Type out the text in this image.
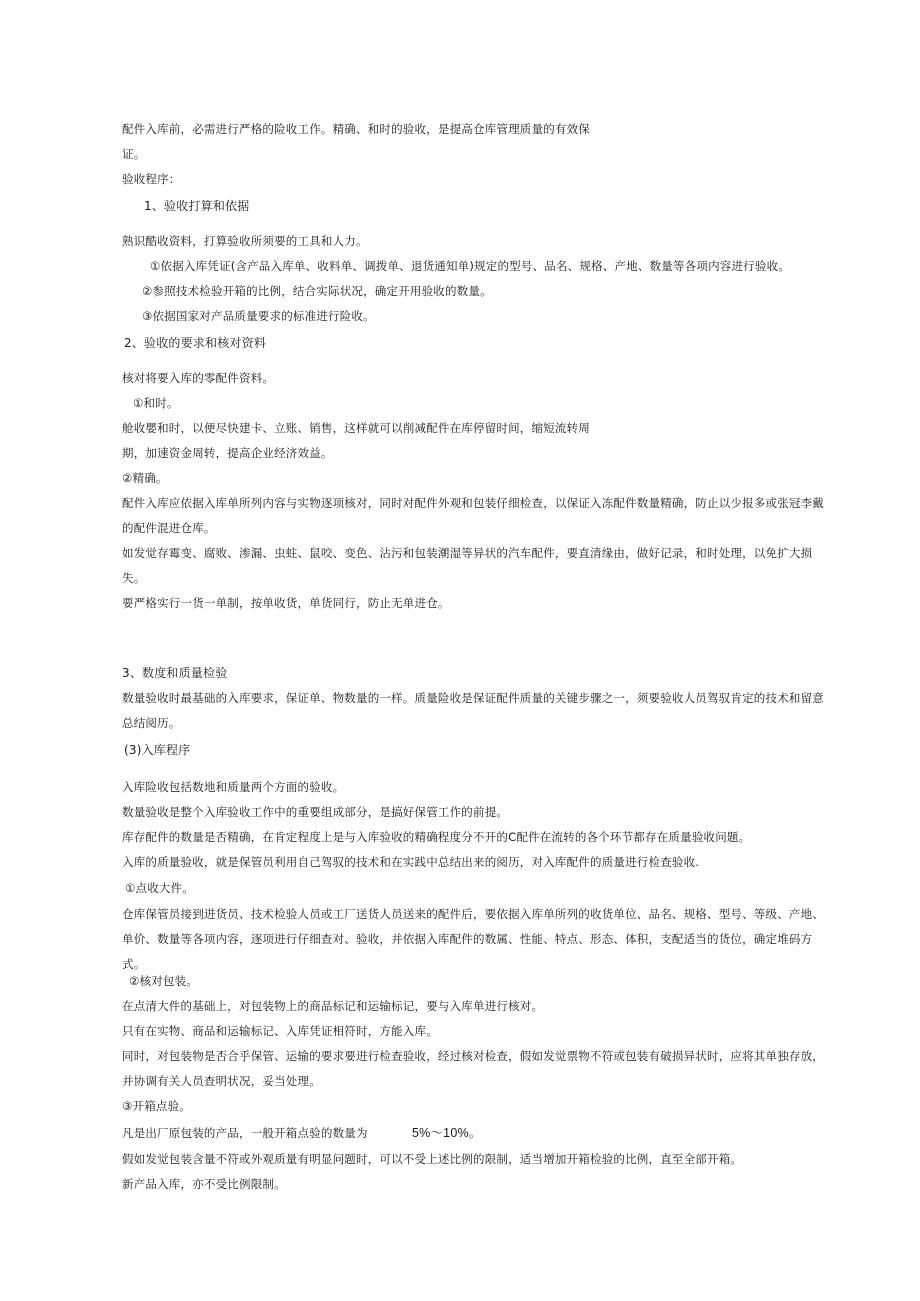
配件入库前，必需进行严格的险收工作。精确、和时的验收，是提高仓库管理质量的有效保
证。
验收程序：
1、验收打算和依据
熟识酷收资料，打算验收所须要的工具和人力。
①依据入库凭证(含产品入库单、收料单、调拨单、退货通知单)规定的型号、品名、规格、产地、数量等各项内容进行验收。
②参照技术检验开箱的比例，结合实际状况，确定开用验收的数量。
③依据国家对产品质量要求的标准进行险收。
2、验收的要求和核对资料
核对将要入库的零配件资料。
①和时。
舱收嬰和时，以便尽快建卡、立账、销售，这样就可以削减配件在库停留时间，缩短流转周
期，加速资金周转，提高企业经济效益。
②精确。
配件入库应依据入库单所列内容与实物逐项核对，同时对配件外观和包装仔细检查，以保证入冻配件数量精确，防止以少报多或张冠李戴
的配件混进仓库。
如发觉存霉变、腐败、渗漏、虫蛀、鼠咬、变色、沾污和包装潮湿等异状的汽车配件，要直清缘由，做好记录，和时处理，以免扩大损
失。
要严格实行一货一单制，按单收货，单货同行，防止无单进仓。
3、数度和质量检验
数量验收时最基础的入库要求，保证单、物数量的一样。质量险收是保证配件质量的关键步骤之一，须要验收人员驾驭肯定的技术和留意
总结阅历。
(3)入库程序
入库险收包括数地和质量两个方面的验收。
数量验收是整个入库验收工作中的重要组成部分，是搞好保管工作的前提。
库存配件的数量是否精确，在肯定程度上是与入库验收的精确程度分不开的C配件在流转的各个环节都存在质量验收问题。
入库的质量验收，就是保管员利用自己驾驭的技术和在实践中总结出来的阅历，对入库配件的质量进行检查验收.
①点收大件。
仓库保管员接到进货员、技术检验人员或工厂送货人员送来的配件后，要依据入库单所列的收货单位、品名、规格、型号、等级、产地、
单价、数量等各项内容，逐项进行仔细查对、验收，并依据入库配件的数属、性能、特点、形态、体积，支配适当的货位，确定堆码方
式。
②核对包装。
在点清大件的基础上，对包装物上的商品标记和运输标记，要与入库单进行核对。
只有在实物、商品和运输标记、入库凭证相符时，方能入库。
同时，对包装物是否合乎保管、运输的要求要进行检查验收，经过核对检查，假如发觉票物不符或包装有破损异状时，应将其单独存放，
并协调有关人员查明状况，妥当处理。
③开箱点验。
凡是出厂原包装的产品，一般开箱点验的数量为	5%～10%。
假如发觉包装含量不符或外观质量有明显问题时，可以不受上述比例的限制，适当增加开箱检验的比例，直至全部开箱。
新产品入库，亦不受比例限制。
